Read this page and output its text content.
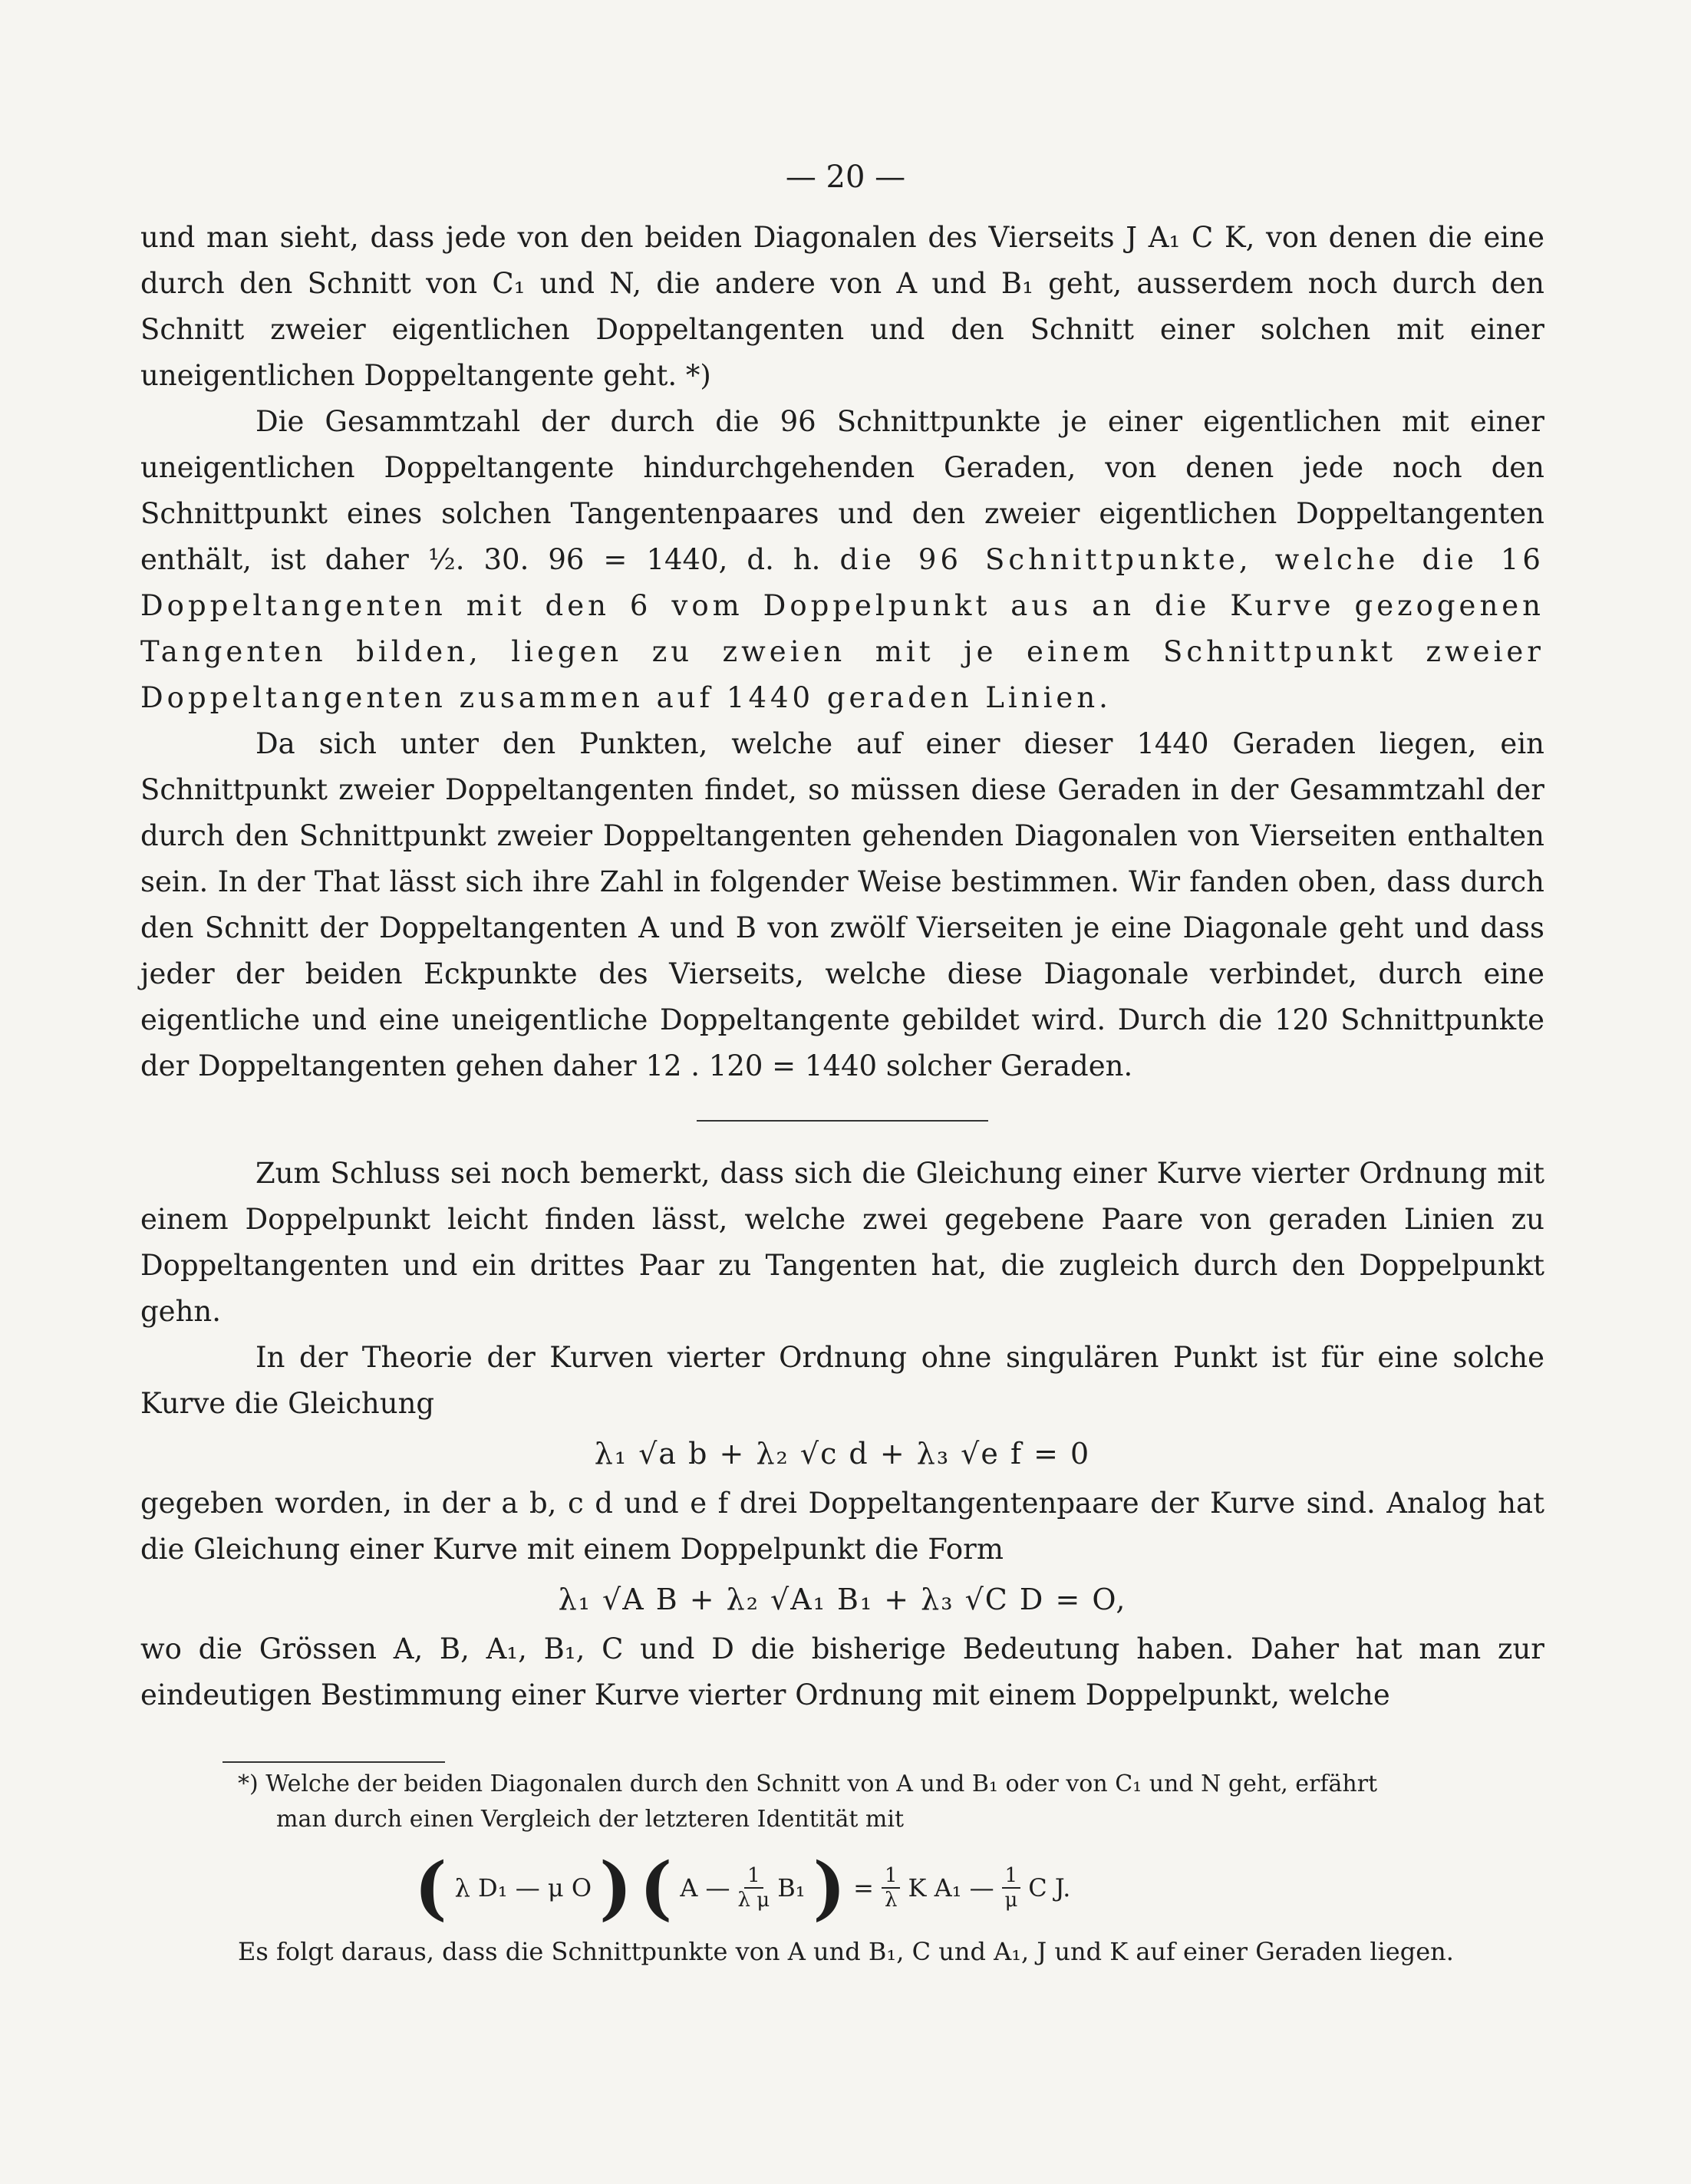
— 20 —

und man sieht, dass jede von den beiden Diagonalen des Vierseits J A₁ C K, von denen die eine durch den Schnitt von C₁ und N, die andere von A und B₁ geht, ausserdem noch durch den Schnitt zweier eigentlichen Doppeltangenten und den Schnitt einer solchen mit einer uneigentlichen Doppeltangente geht. *)

Die Gesammtzahl der durch die 96 Schnittpunkte je einer eigentlichen mit einer uneigentlichen Doppeltangente hindurchgehenden Geraden, von denen jede noch den Schnittpunkt eines solchen Tangentenpaares und den zweier eigentlichen Doppeltangenten enthält, ist daher ½. 30. 96 = 1440, d. h. die 96 Schnittpunkte, welche die 16 Doppeltangenten mit den 6 vom Doppelpunkt aus an die Kurve gezogenen Tangenten bilden, liegen zu zweien mit je einem Schnittpunkt zweier Doppeltangenten zusammen auf 1440 geraden Linien.

Da sich unter den Punkten, welche auf einer dieser 1440 Geraden liegen, ein Schnittpunkt zweier Doppeltangenten findet, so müssen diese Geraden in der Gesammtzahl der durch den Schnittpunkt zweier Doppeltangenten gehenden Diagonalen von Vierseiten enthalten sein. In der That lässt sich ihre Zahl in folgender Weise bestimmen. Wir fanden oben, dass durch den Schnitt der Doppeltangenten A und B von zwölf Vierseiten je eine Diagonale geht und dass jeder der beiden Eckpunkte des Vierseits, welche diese Diagonale verbindet, durch eine eigentliche und eine uneigentliche Doppeltangente gebildet wird. Durch die 120 Schnittpunkte der Doppeltangenten gehen daher 12 . 120 = 1440 solcher Geraden.

Zum Schluss sei noch bemerkt, dass sich die Gleichung einer Kurve vierter Ordnung mit einem Doppelpunkt leicht finden lässt, welche zwei gegebene Paare von geraden Linien zu Doppeltangenten und ein drittes Paar zu Tangenten hat, die zugleich durch den Doppelpunkt gehn.

In der Theorie der Kurven vierter Ordnung ohne singulären Punkt ist für eine solche Kurve die Gleichung

λ₁ √a b + λ₂ √c d + λ₃ √e f = 0

gegeben worden, in der a b, c d und e f drei Doppeltangentenpaare der Kurve sind. Analog hat die Gleichung einer Kurve mit einem Doppelpunkt die Form

λ₁ √A B + λ₂ √A₁ B₁ + λ₃ √C D = O,

wo die Grössen A, B, A₁, B₁, C und D die bisherige Bedeutung haben. Daher hat man zur eindeutigen Bestimmung einer Kurve vierter Ordnung mit einem Doppelpunkt, welche

*) Welche der beiden Diagonalen durch den Schnitt von A und B₁ oder von C₁ und N geht, erfährt

man durch einen Vergleich der letzteren Identität mit

( λ D₁ — μ O ) ( A — $\frac{1}{\text{λ μ}} B_1$ ) = $\frac{1}{\lambda}$ K A₁ — $\frac{1}{\mu}$ C J.

Es folgt daraus, dass die Schnittpunkte von A und B₁, C und A₁, J und K auf einer Geraden liegen.
